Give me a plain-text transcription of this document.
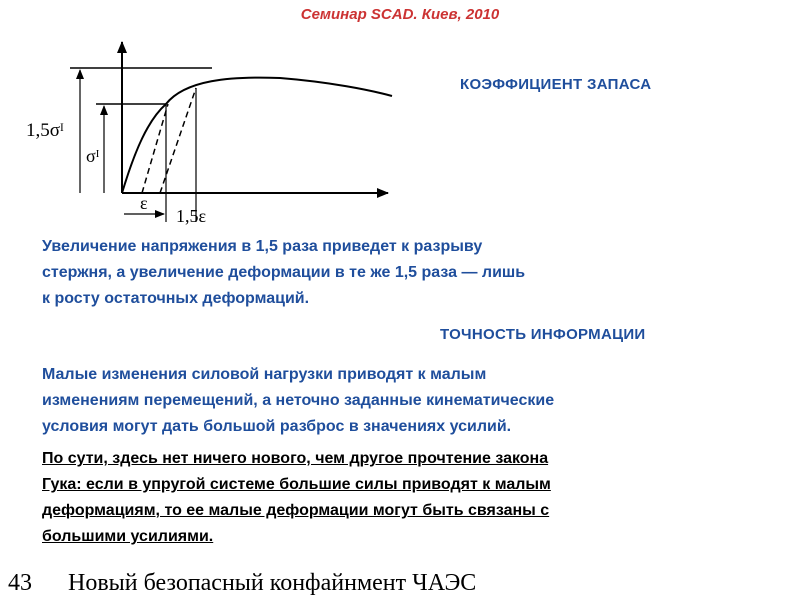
Семинар SCAD. Киев, 2010
1,5σᴵ
σᴵ
ε
1,5ε
КОЭФФИЦИЕНТ ЗАПАСА
Увеличение напряжения в 1,5 раза приведет к разрыву
стержня, а увеличение деформации в те же 1,5 раза — лишь
к росту остаточных деформаций.
ТОЧНОСТЬ ИНФОРМАЦИИ
Малые изменения силовой нагрузки приводят к малым
изменениям перемещений, а неточно заданные кинематические
условия могут дать большой разброс в значениях усилий.
По сути, здесь нет ничего нового, чем другое прочтение закона
Гука: если в упругой системе большие силы приводят к малым
деформациям, то ее малые деформации могут быть связаны с
большими усилиями.
43 Новый безопасный конфайнмент ЧАЭС
